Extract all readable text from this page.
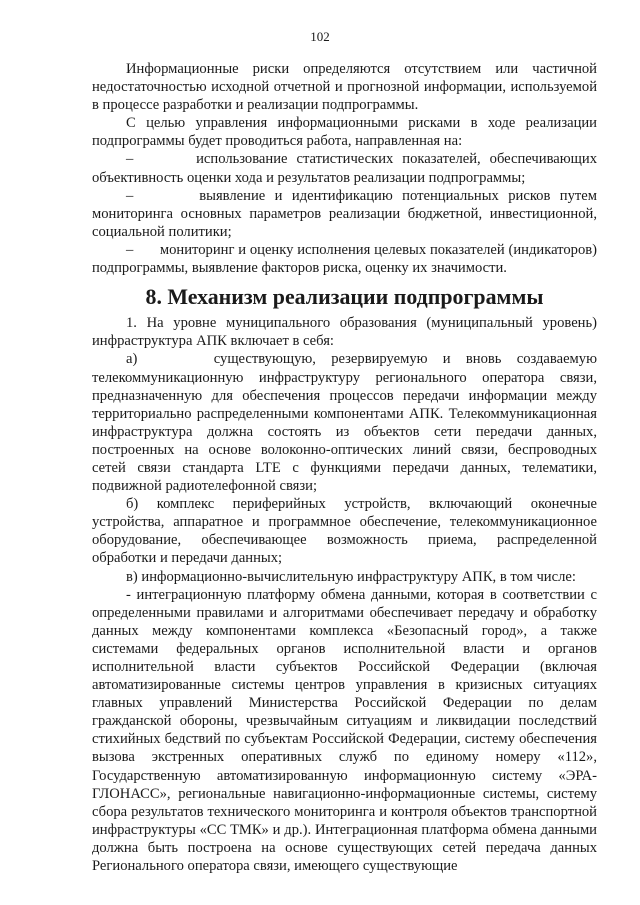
102

Информационные риски определяются отсутствием или частичной недостаточностью исходной отчетной и прогнозной информации, используемой в процессе разработки и реализации подпрограммы.

С целью управления информационными рисками в ходе реализации подпрограммы будет проводиться работа, направленная на:

–       использование статистических показателей, обеспечивающих объективность оценки хода и результатов реализации подпрограммы;

–       выявление и идентификацию потенциальных рисков путем мониторинга основных параметров реализации бюджетной, инвестиционной, социальной политики;

–       мониторинг и оценку исполнения целевых показателей (индикаторов) подпрограммы, выявление факторов риска, оценку их значимости.

8. Механизм реализации подпрограммы

1. На уровне муниципального образования (муниципальный уровень) инфраструктура АПК включает в себя:

а)     существующую, резервируемую и вновь создаваемую телекоммуникационную инфраструктуру регионального оператора связи, предназначенную для обеспечения процессов передачи информации между территориально распределенными компонентами АПК. Телекоммуникационная инфраструктура должна состоять из объектов сети передачи данных, построенных на основе волоконно-оптических линий связи, беспроводных сетей связи стандарта LTE с функциями передачи данных, телематики, подвижной радиотелефонной связи;

б) комплекс периферийных устройств, включающий оконечные устройства, аппаратное и программное обеспечение, телекоммуникационное оборудование, обеспечивающее возможность приема, распределенной обработки и передачи данных;

в) информационно-вычислительную инфраструктуру АПК, в том числе:

- интеграционную платформу обмена данными, которая в соответствии с определенными правилами и алгоритмами обеспечивает передачу и обработку данных между компонентами комплекса «Безопасный город», а также системами федеральных органов исполнительной власти и органов исполнительной власти субъектов Российской Федерации (включая автоматизированные системы центров управления в кризисных ситуациях главных управлений Министерства Российской Федерации по делам гражданской обороны, чрезвычайным ситуациям и ликвидации последствий стихийных бедствий по субъектам Российской Федерации, систему обеспечения вызова экстренных оперативных служб по единому номеру «112», Государственную автоматизированную информационную систему «ЭРА-ГЛОНАСС», региональные навигационно-информационные системы, систему сбора результатов технического мониторинга и контроля объектов транспортной инфраструктуры «СС ТМК» и др.). Интеграционная платформа обмена данными должна быть построена на основе существующих сетей передача данных Регионального оператора связи, имеющего существующие
